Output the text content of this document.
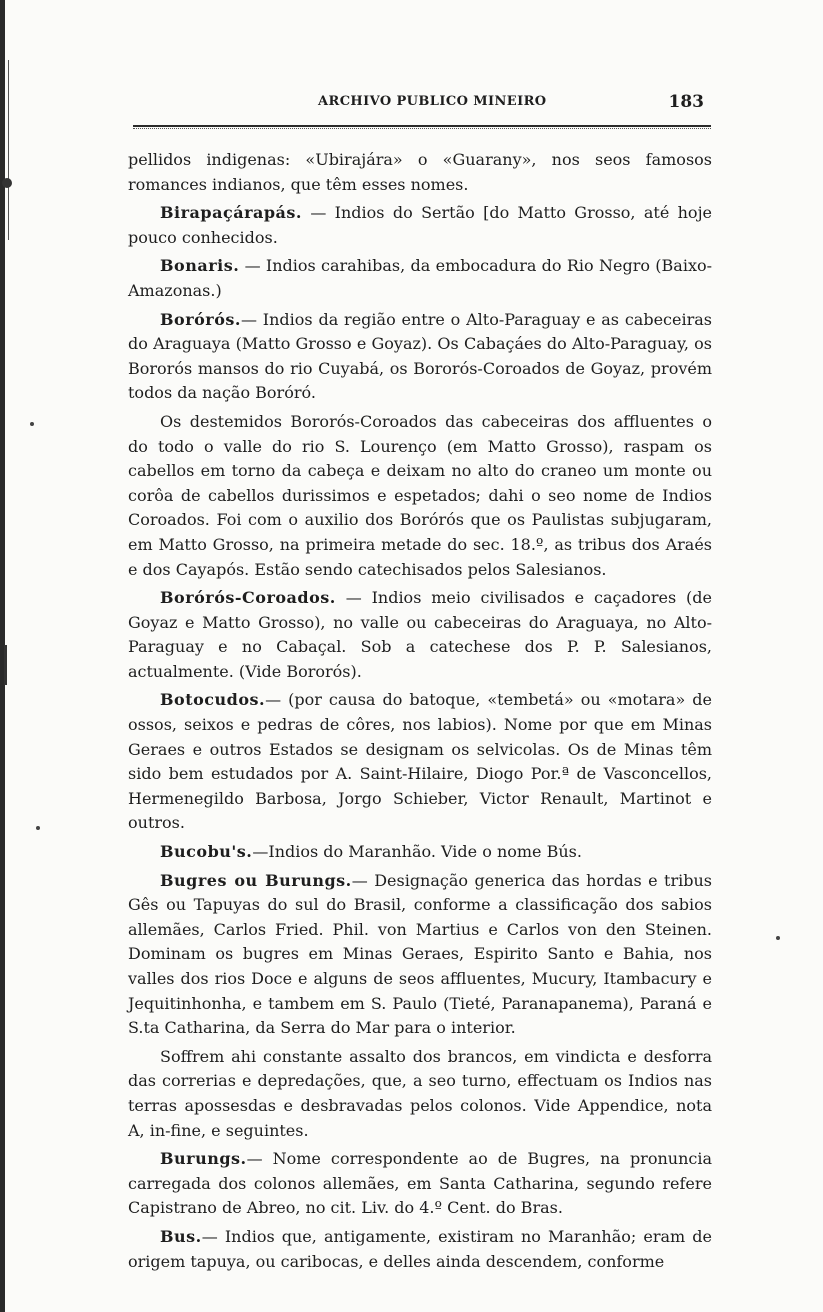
ARCHIVO PUBLICO MINEIRO	183

pellidos indigenas: «Ubirajára» o «Guarany», nos seos famosos romances indianos, que têm esses nomes.

Birapaçárapás. — Indios do Sertão [do Matto Grosso, até hoje pouco conhecidos.

Bonaris. — Indios carahibas, da embocadura do Rio Negro (Baixo-Amazonas.)

Borórós.— Indios da região entre o Alto-Paraguay e as cabeceiras do Araguaya (Matto Grosso e Goyaz). Os Cabaçáes do Alto-Paraguay, os Bororós mansos do rio Cuyabá, os Bororós-Coroados de Goyaz, provém todos da nação Boróró.

Os destemidos Bororós-Coroados das cabeceiras dos affluentes o do todo o valle do rio S. Lourenço (em Matto Grosso), raspam os cabellos em torno da cabeça e deixam no alto do craneo um monte ou corôa de cabellos durissimos e espetados; dahi o seo nome de Indios Coroados. Foi com o auxilio dos Borórós que os Paulistas subjugaram, em Matto Grosso, na primeira metade do sec. 18.º, as tribus dos Araés e dos Cayapós. Estão sendo catechisados pelos Salesianos.

Borórós-Coroados. — Indios meio civilisados e caçadores (de Goyaz e Matto Grosso), no valle ou cabeceiras do Araguaya, no Alto-Paraguay e no Cabaçal. Sob a catechese dos P. P. Salesianos, actualmente. (Vide Bororós).

Botocudos.— (por causa do batoque, «tembetá» ou «motara» de ossos, seixos e pedras de côres, nos labios). Nome por que em Minas Geraes e outros Estados se designam os selvicolas. Os de Minas têm sido bem estudados por A. Saint-Hilaire, Diogo Por.ª de Vasconcellos, Hermenegildo Barbosa, Jorgo Schieber, Victor Renault, Martinot e outros.

Bucobu's.—Indios do Maranhão. Vide o nome Bús.

Bugres ou Burungs.— Designação generica das hordas e tribus Gês ou Tapuyas do sul do Brasil, conforme a classificação dos sabios allemães, Carlos Fried. Phil. von Martius e Carlos von den Steinen. Dominam os bugres em Minas Geraes, Espirito Santo e Bahia, nos valles dos rios Doce e alguns de seos affluentes, Mucury, Itambacury e Jequitinhonha, e tambem em S. Paulo (Tieté, Paranapanema), Paraná e S.ta Catharina, da Serra do Mar para o interior.

Soffrem ahi constante assalto dos brancos, em vindicta e desforra das correrias e depredações, que, a seo turno, effectuam os Indios nas terras apossesdas e desbravadas pelos colonos. Vide Appendice, nota A, in-fine, e seguintes.

Burungs.— Nome correspondente ao de Bugres, na pronuncia carregada dos colonos allemães, em Santa Catharina, segundo refere Capistrano de Abreo, no cit. Liv. do 4.º Cent. do Bras.

Bus.— Indios que, antigamente, existiram no Maranhão; eram de origem tapuya, ou caribocas, e delles ainda descendem, conforme
